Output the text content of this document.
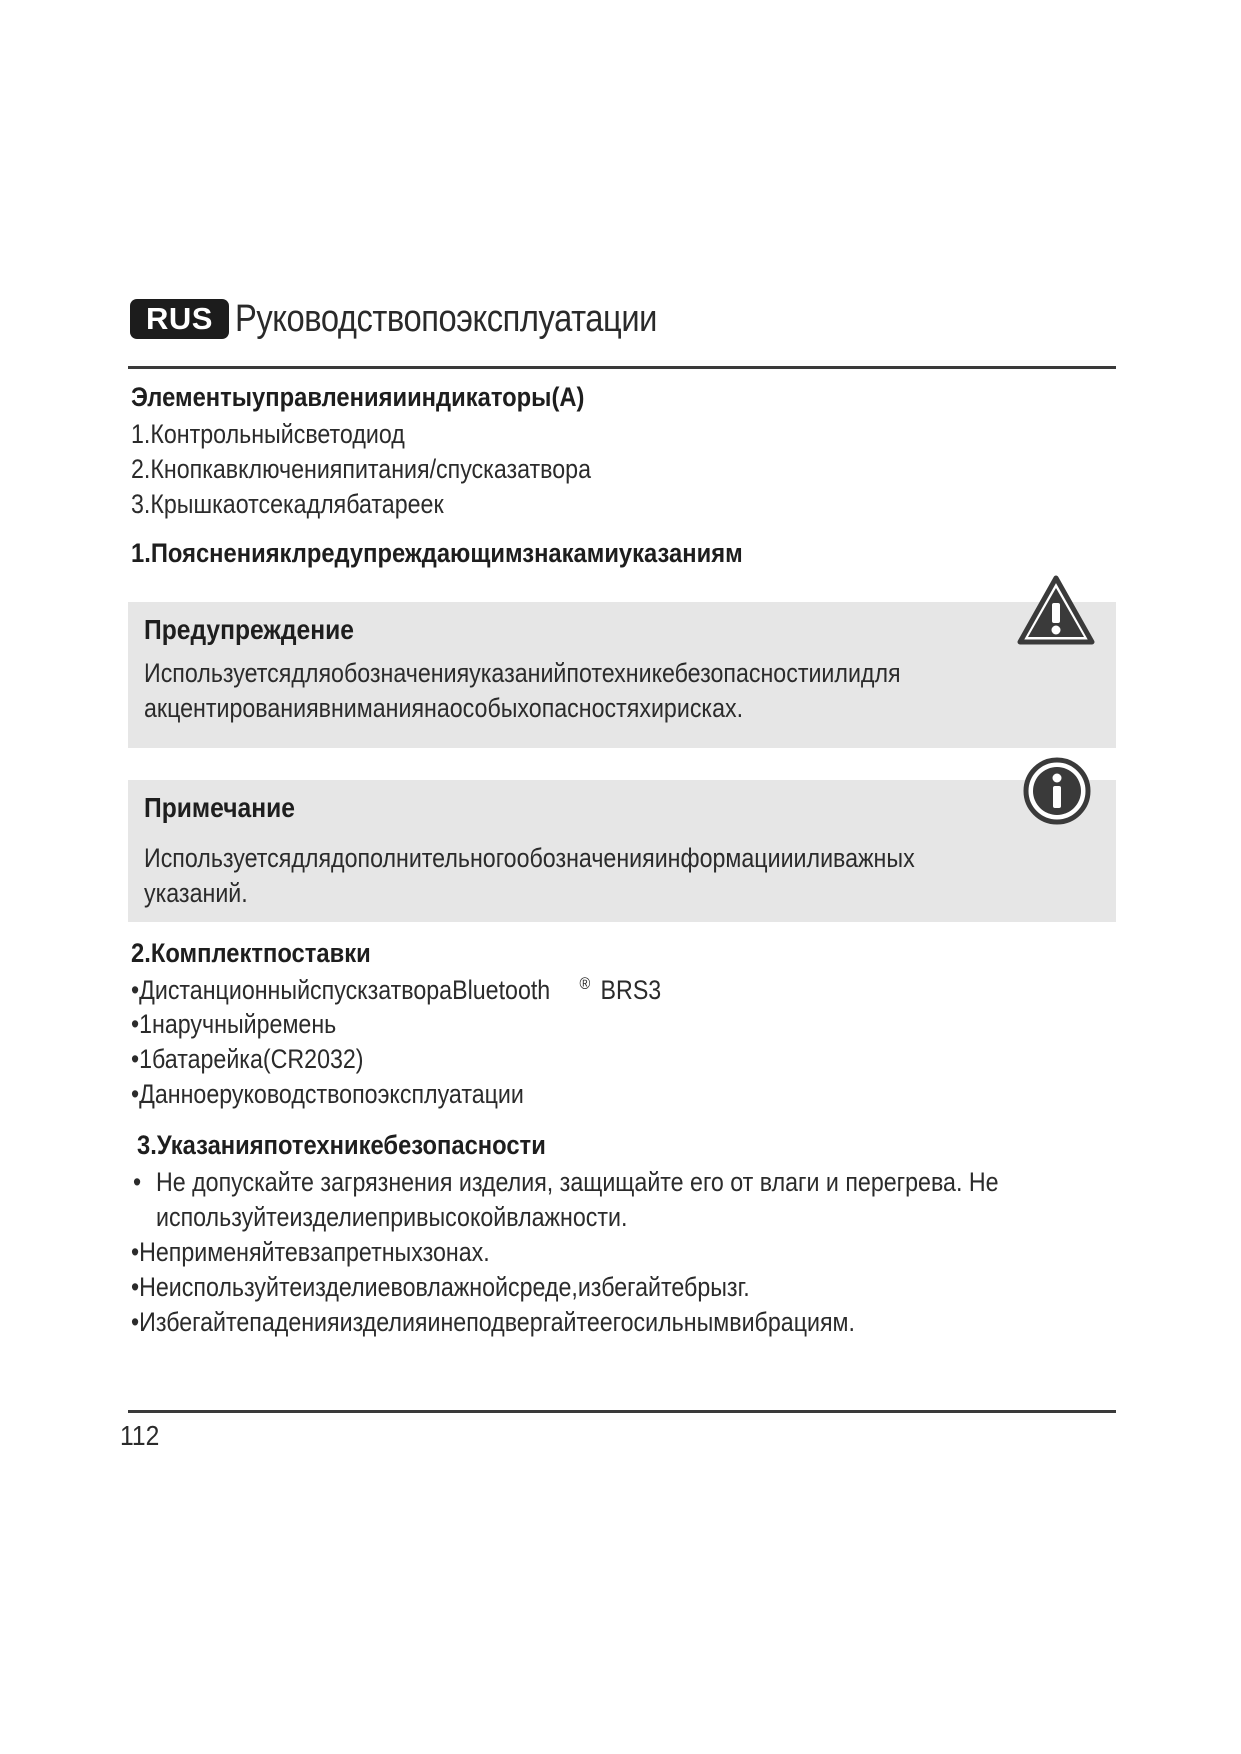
RUS Руководствопоэксплуатации
Элементыуправленияииндикаторы(A)
1.Контрольныйсветодиод
2.Кнопкавключенияпитания/спусказатвора
3.Крышкаотсекадлябатареек
1.Поясненияклредупреждающимзнакамиуказаниям
Предупреждение
Используетсядляобозначенияуказанийпотехникебезопасностиилидля
акцентированиявниманиянаособыхопасностяхирисках.
Примечание
Используетсядлядополнительногообозначенияинформациииливажных
указаний.
2.Комплектпоставки
•ДистанционныйспускзатвораBluetooth ® BRS3
•1наручныйремень
•1батарейка(CR2032)
•Данноеруководствопоэксплуатации
3.Указанияпотехникебезопасности
• Не допускайте загрязнения изделия, защищайте его от влаги и перегрева. Не
используйтеизделиепривысокойвлажности.
•Неприменяйтевзапретныхзонах.
•Неиспользуйтеизделиевовлажнойсреде,избегайтебрызг.
•Избегайтепаденияизделияинеподвергайтеегосильнымвибрациям.
112
